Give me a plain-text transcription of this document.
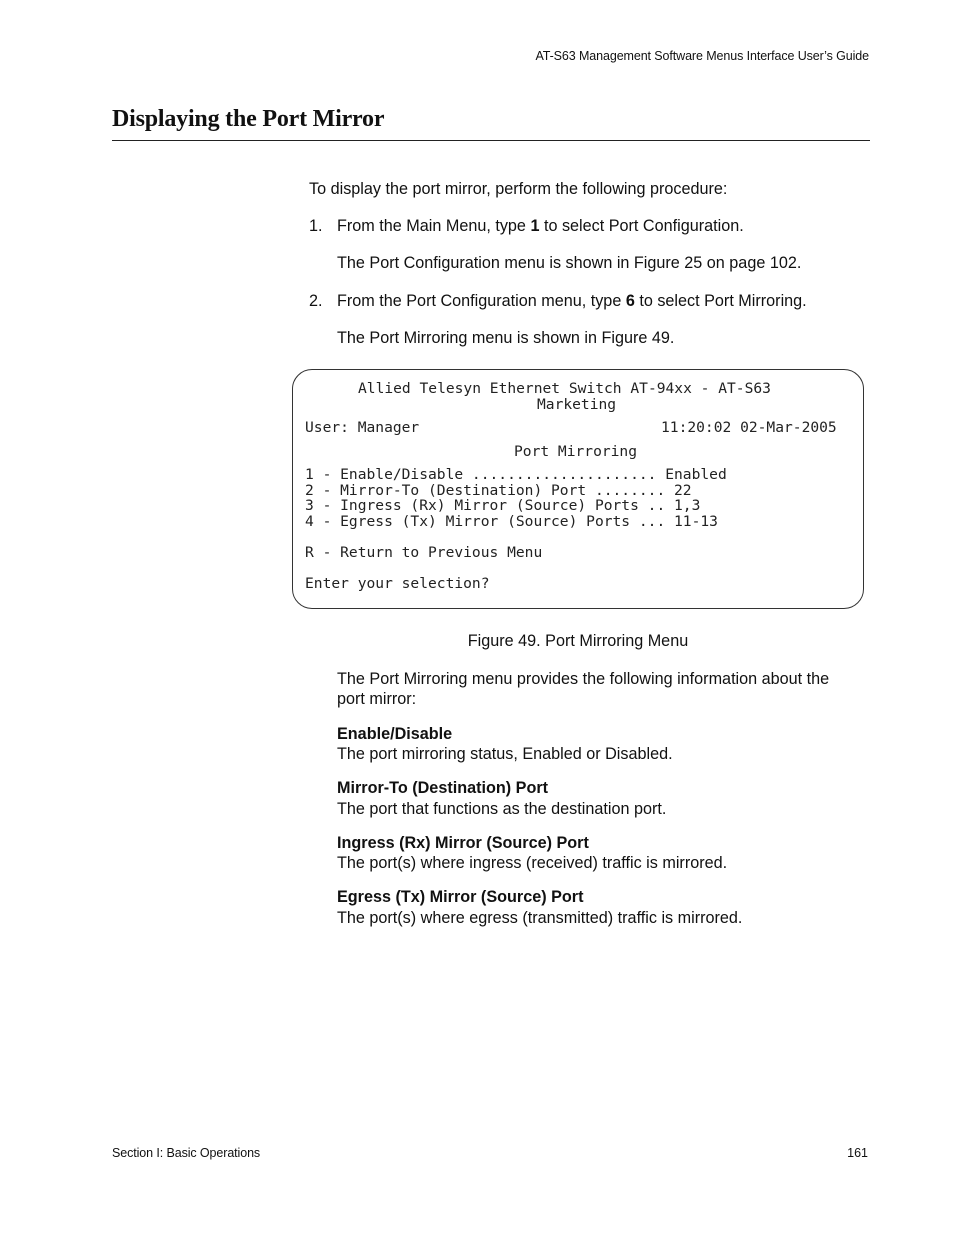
AT-S63 Management Software Menus Interface User’s Guide
Displaying the Port Mirror

To display the port mirror, perform the following procedure:

1. From the Main Menu, type 1 to select Port Configuration.

The Port Configuration menu is shown in Figure 25 on page 102.

2. From the Port Configuration menu, type 6 to select Port Mirroring.

The Port Mirroring menu is shown in Figure 49.

Allied Telesyn Ethernet Switch AT-94xx - AT-S63
Marketing
User: Manager	11:20:02 02-Mar-2005
Port Mirroring
1 - Enable/Disable ..................... Enabled
2 - Mirror-To (Destination) Port ........ 22
3 - Ingress (Rx) Mirror (Source) Ports .. 1,3
4 - Egress (Tx) Mirror (Source) Ports ... 11-13
R - Return to Previous Menu
Enter your selection?
Figure 49. Port Mirroring Menu

The Port Mirroring menu provides the following information about the

port mirror:

Enable/Disable

The port mirroring status, Enabled or Disabled.

Mirror-To (Destination) Port

The port that functions as the destination port.

Ingress (Rx) Mirror (Source) Port

The port(s) where ingress (received) traffic is mirrored.

Egress (Tx) Mirror (Source) Port

The port(s) where egress (transmitted) traffic is mirrored.

Section I: Basic Operations	161
